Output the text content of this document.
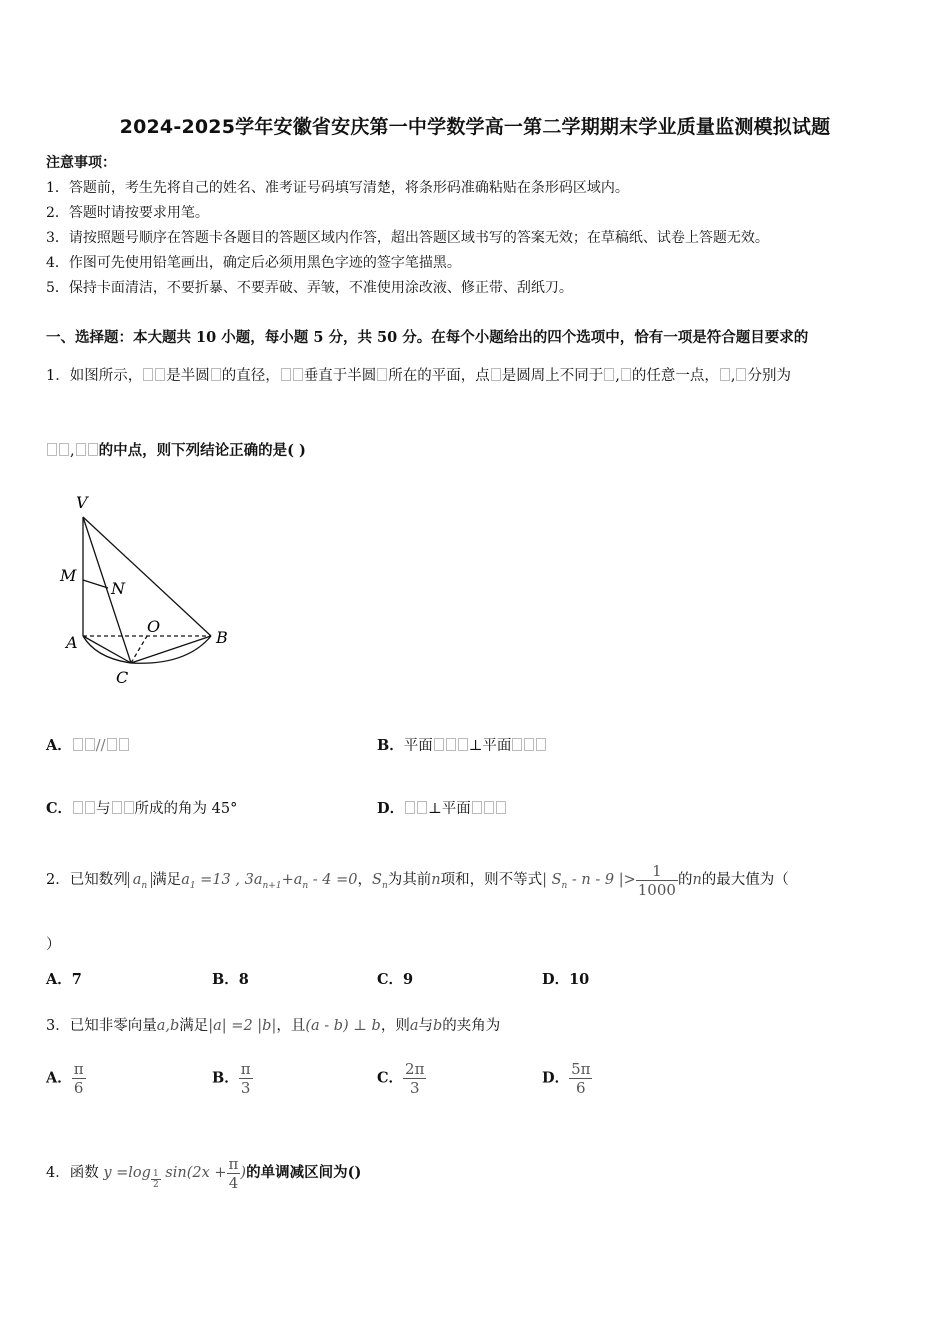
2024-2025学年安徽省安庆第一中学数学高一第二学期期末学业质量监测模拟试题
注意事项：
1．答题前，考生先将自己的姓名、准考证号码填写清楚，将条形码准确粘贴在条形码区域内。
2．答题时请按要求用笔。
3．请按照题号顺序在答题卡各题目的答题区域内作答，超出答题区域书写的答案无效；在草稿纸、试卷上答题无效。
4．作图可先使用铅笔画出，确定后必须用黑色字迹的签字笔描黑。
5．保持卡面清洁，不要折暴、不要弄破、弄皱，不准使用涂改液、修正带、刮纸刀。
一、选择题：本大题共 10 小题，每小题 5 分，共 50 分。在每个小题给出的四个选项中，恰有一项是符合题目要求的
1．如图所示， 是半圆 的直径， 垂直于半圆 所在的平面，点 是圆周上不同于 , 的任意一点， , 分别为
, 的中点，则下列结论正确的是( )
V
M
N
O
A	B
C
A． //	B．平面 ⊥平面
C． 与 所成的角为 45°	D． ⊥平面
2．已知数列 $a_n$ 满足$a_1 =13$ , $3a_{n+1}+a_n - 4 =0$，$S_n$为其前n项和，则不等式| $S_n$ - n - 9 |> $\frac{1}{1000}$ 的n的最大值为（
）
A．7	B．8	C．9	D．10
3．已知非零向量a,b满足|a| =2 |b|，且(a - b) ⊥ b，则a与b的夹角为
A． $\frac{\pi}{6}$	B． $\frac{\pi}{3}$	C． $\frac{2\pi}{3}$	D． $\frac{5\pi}{6}$
4．函数 $y =\log \frac{1}{2} \sin(2x + \frac{\pi}{4}$ )的单调减区间为()
